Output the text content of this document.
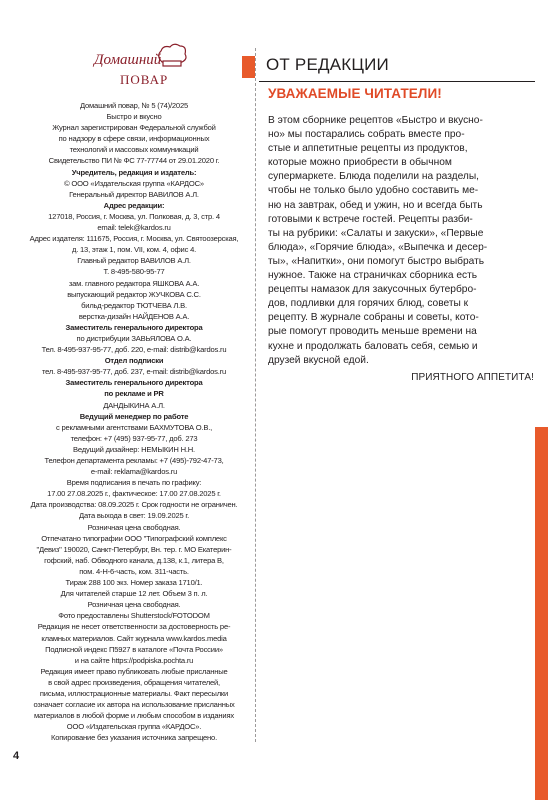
Домашний
ПОВАР

Домашний повар, № 5 (74)/2025

Быстро и вкусно

Журнал зарегистрирован Федеральной службой

по надзору в сфере связи, информационных

технологий и массовых коммуникаций

Свидетельство ПИ № ФС 77-77744 от 29.01.2020 г.

Учредитель, редакция и издатель:

© ООО «Издательская группа «КАРДОС»

Генеральный директор ВАВИЛОВ А.Л.

Адрес редакции:

127018, Россия, г. Москва, ул. Полковая, д. 3, стр. 4

email: telek@kardos.ru

Адрес издателя: 111675, Россия, г. Москва, ул. Святоозерская,

д. 13, этаж 1, пом. VII, ком. 4, офис 4.

Главный редактор ВАВИЛОВ А.Л.

Т. 8-495-580-95-77

зам. главного редактора ЯШКОВА А.А.

выпускающий редактор ЖУЧКОВА С.С.

бильд-редактор ТЮТЧЕВА Л.В.

верстка-дизайн НАЙДЕНОВ А.А.

Заместитель генерального директора

по дистрибуции ЗАВЬЯЛОВА О.А.

Тел. 8-495-937-95-77, доб. 220, e-mail: distrib@kardos.ru

Отдел подписки

тел. 8-495-937-95-77, доб. 237, e-mail: distrib@kardos.ru

Заместитель генерального директора

по рекламе и PR

ДАНДЫКИНА А.Л.

Ведущий менеджер по работе

с рекламными агентствами БАХМУТОВА О.В.,

телефон: +7 (495) 937-95-77, доб. 273

Ведущий дизайнер: НЕМЫКИН Н.Н.

Телефон департамента рекламы: +7 (495)-792-47-73,

e-mail: reklama@kardos.ru

Время подписания в печать по графику:

17.00 27.08.2025 г., фактическое: 17.00 27.08.2025 г.

Дата производства: 08.09.2025 г. Срок годности не ограничен.

Дата выхода в свет: 19.09.2025 г.

Розничная цена свободная.

Отпечатано типографии ООО "Типографский комплекс

"Девиз" 190020, Санкт-Петербург, Вн. тер. г. МО Екатерин-

гофский, наб. Обводного канала, д.138, к.1, литера В,

пом. 4-Н-6-часть, ком. 311-часть.

Тираж 288 100 экз. Номер заказа 1710/1.

Для читателей старше 12 лет. Объем 3 п. л.

Розничная цена свободная.

Фото предоставлены Shutterstock/FOTODOM

Редакция не несет ответственности за достоверность ре-

кламных материалов. Сайт журнала www.kardos.media

Подписной индекс П5927 в каталоге «Почта России»

и на сайте https://podpiska.pochta.ru

Редакция имеет право публиковать любые присланные

в свой адрес произведения, обращения читателей,

письма, иллюстрационные материалы. Факт пересылки

означает согласие их автора на использование присланных

материалов в любой форме и любым способом в изданиях

ООО «Издательская группа «КАРДОС».

Копирование без указания источника запрещено.

ОТ РЕДАКЦИИ
УВАЖАЕМЫЕ ЧИТАТЕЛИ!
В этом сборнике рецептов «Быстро и вкусно-
но» мы постарались собрать вместе про-
стые и аппетитные рецепты из продуктов,
которые можно приобрести в обычном
супермаркете. Блюда поделили на разделы,
чтобы не только было удобно составить ме-
ню на завтрак, обед и ужин, но и всегда быть
готовыми к встрече гостей. Рецепты разби-
ты на рубрики: «Салаты и закуски», «Первые
блюда», «Горячие блюда», «Выпечка и десер-
ты», «Напитки», они помогут быстро выбрать
нужное. Также на страничках сборника есть
рецепты намазок для закусочных бутербро-
дов, подливки для горячих блюд, советы к
рецепту. В журнале собраны и советы, кото-
рые помогут проводить меньше времени на
кухне и продолжать баловать себя, семью и
друзей вкусной едой.
ПРИЯТНОГО АППЕТИТА!
4
PassionForum.ru
